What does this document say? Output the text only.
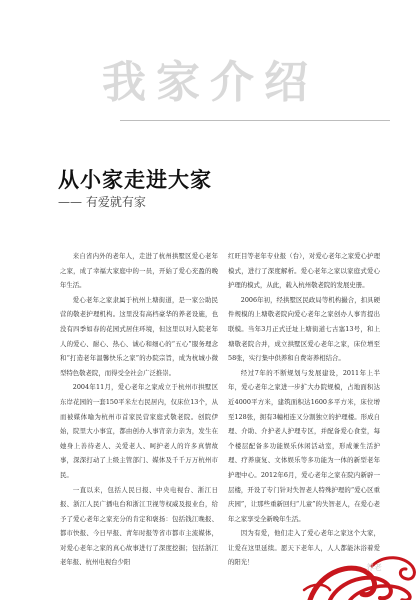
我家介绍
从小家走进大家
—— 有爱就有家

来自省内外的老年人，走进了杭州拱墅区爱心老年之家，成了幸福大家庭中的一员，开始了爱心充盈的晚年生活。

爱心老年之家隶属于杭州上塘街道，是一家公助民营的敬老护理机构。这里没有高档豪华的养老设施，也没有四季如春的花园式居住环境，但这里以对入院老年人的爱心、耐心、热心、诚心和细心的“五心”服务理念和“打造老年温馨快乐之家”的办院宗旨，成为杭城小微型特色敬老院，而得受全社会广泛推崇。

2004年11月，爱心老年之家成立于杭州市拱墅区东岸花园的一套150平米左右民居内，仅床位13个，从而被媒体喻为杭州市首家民营家庭式敬老院。创院伊始，院里大小事宜，都由创办人事宵亲力亲为，发生在她身上善待老人、关爱老人、呵护老人的许多真情故事，深深打动了上级主管部门、媒体及千千万万杭州市民。

一直以来，包括人民日报、中央电视台、浙江日报、浙江人民广播电台和浙江卫视等权威及报业台，给予了爱心老年之家充分的肯定和褒扬：包括钱江晚报、都市快报、今日早报、青年时报等省市都市主流媒体，对爱心老年之家的真心故事进行了深度挖掘；包括浙江老年报、杭州电视台少阳

红旺目等老年专业报（台），对爱心老年之家爱心护理模式，进行了深度解析。爱心老年之家以家庭式爱心护理的模式，从此，载入杭州敬老院的发展史册。

2006年初，经拱墅区民政局等机构撮合，扣具硬件规模的上塘敬老院向爱心老年之家创办人事宵提出联模。当年3月正式迁址上塘街道七古塞13号，和上塘敬老院合并，成立拱墅区爱心老年之家，床位增至58张，实行集中供养和自费寄养相结合。

经过7年的不断规划与发展建设，2011年上半年，爱心老年之家进一步扩大办院规模，占地面积达近4000平方米，建筑面积达1600多平方米，床位增至128张，拥有3幢相连又分割独立的护理楼。形成自理、介助、介护老人护理专区，并配备爱心食堂，每个楼层配备多功能娱乐休闲活动室，形成兼生活护理、疗养康复、文体娱乐等多功能为一体的新型老年护理中心。2012年6月，爱心老年之家在院内新辟一层楼，开设了专门针对失智老人特殊护理的“爱心区重庆园”，让那些重新回归“儿童”的失智老人，在爱心老年之家享受全新晚年生活。

因为有爱，他们走入了爱心老年之家这个大家，让爱在这里延续。愿天下老年人，人人都能沐浴着爱的阳光！

养老
